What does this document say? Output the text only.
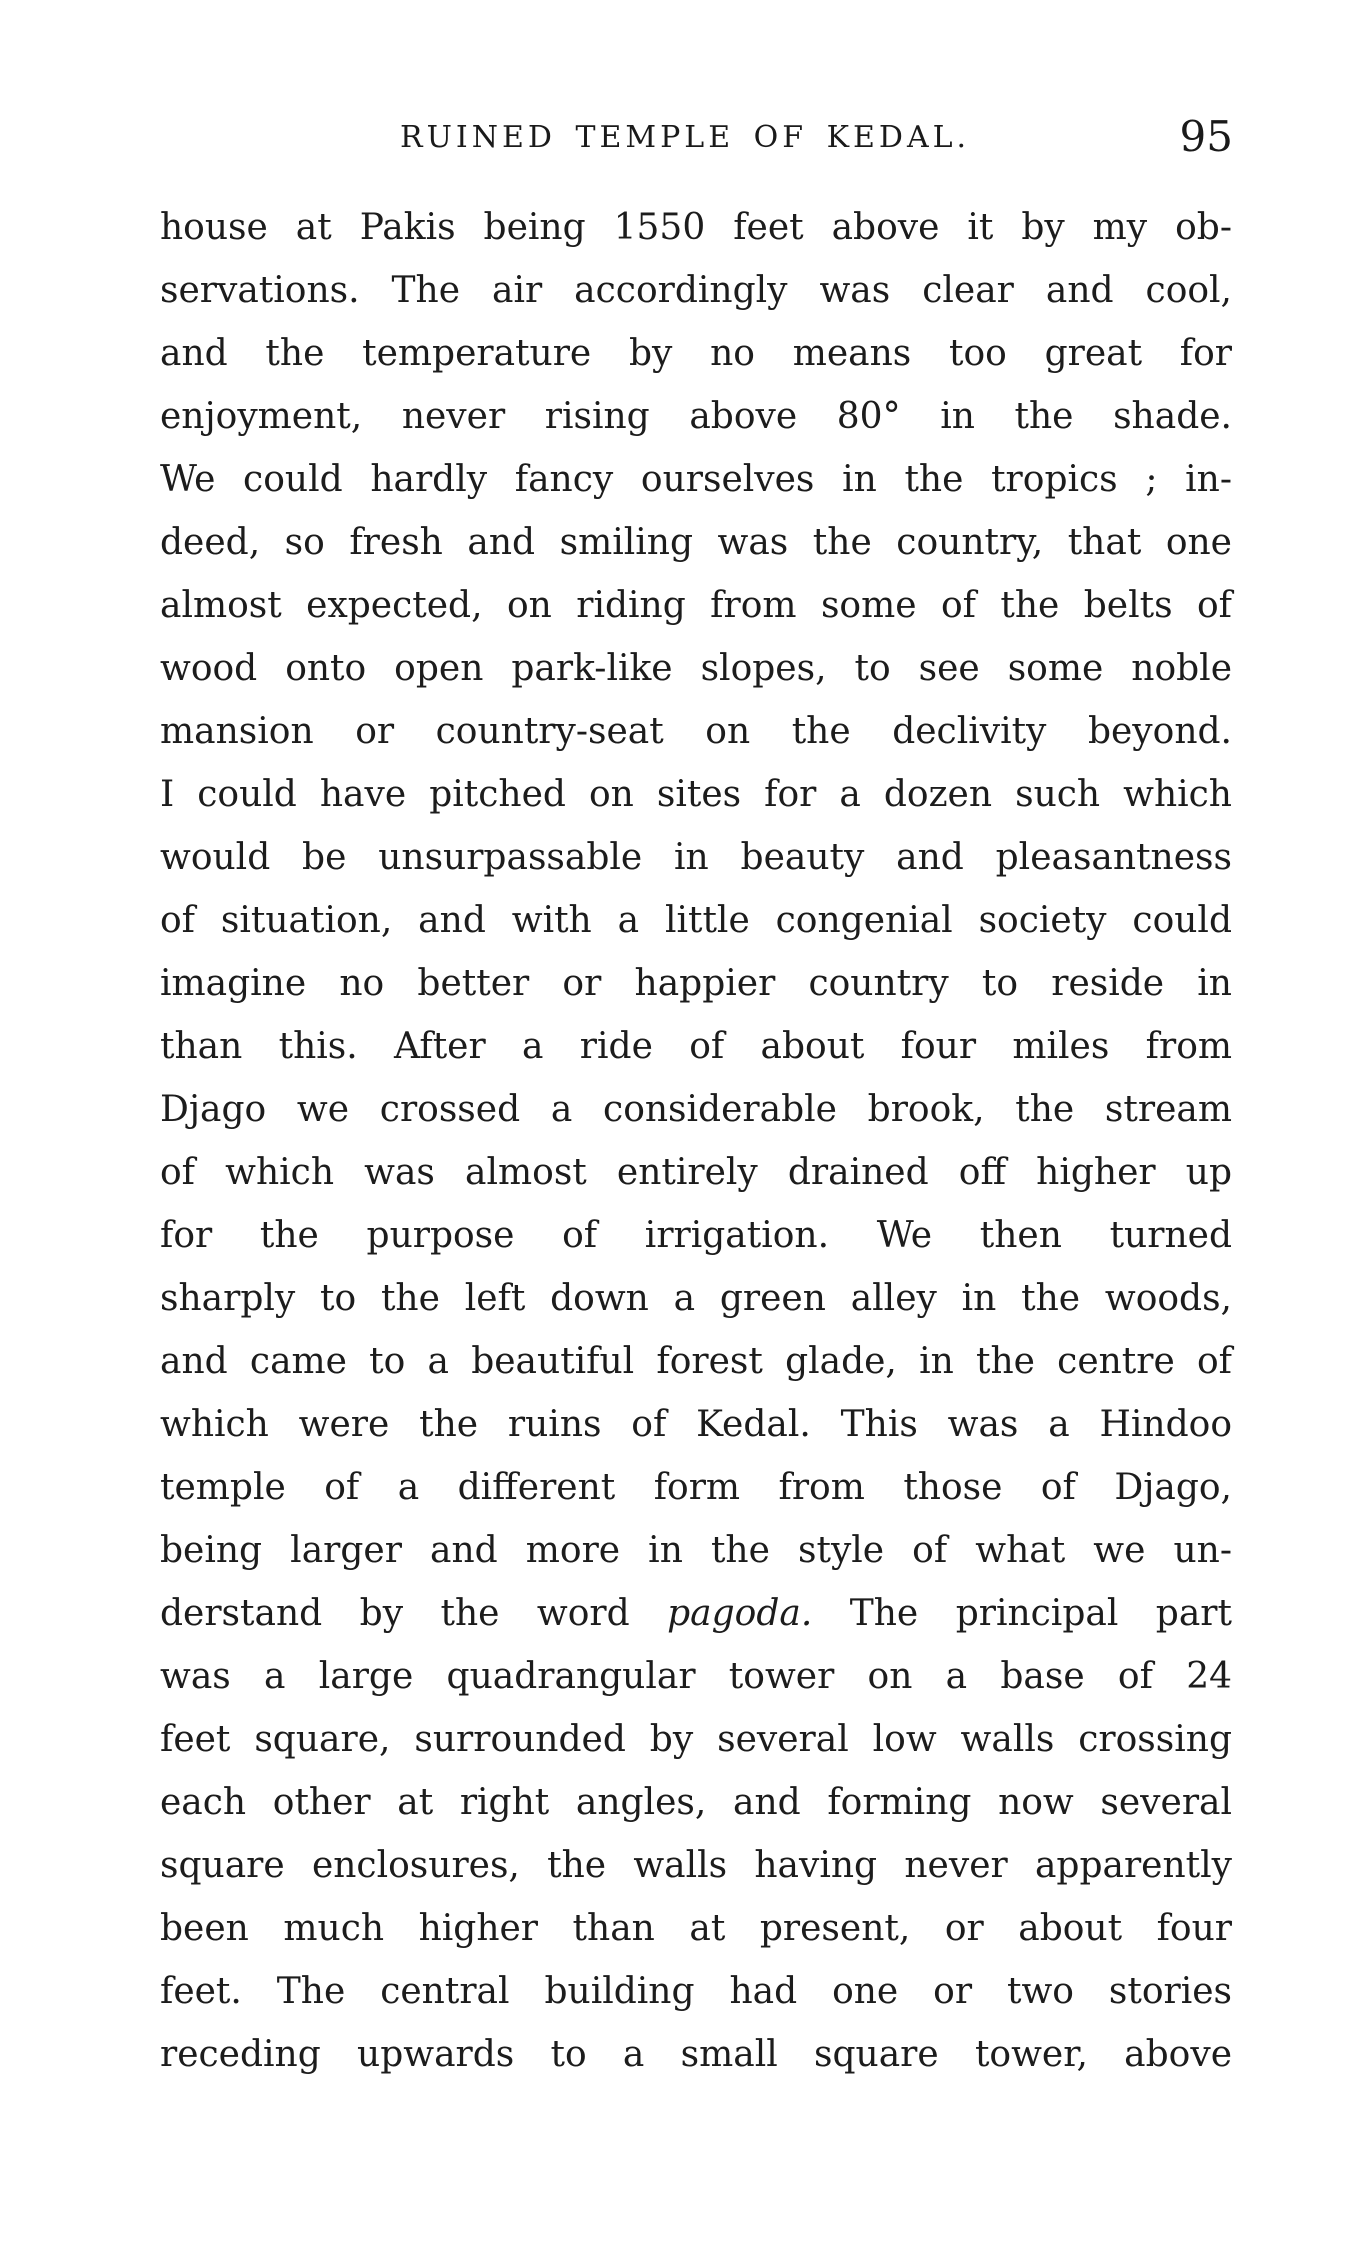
RUINED TEMPLE OF KEDAL.	95
house at Pakis being 1550 feet above it by my ob-
servations. The air accordingly was clear and cool,
and the temperature by no means too great for
enjoyment, never rising above 80° in the shade.
We could hardly fancy ourselves in the tropics ; in-
deed, so fresh and smiling was the country, that one
almost expected, on riding from some of the belts of
wood onto open park-like slopes, to see some noble
mansion or country-seat on the declivity beyond.
I could have pitched on sites for a dozen such which
would be unsurpassable in beauty and pleasantness
of situation, and with a little congenial society could
imagine no better or happier country to reside in
than this. After a ride of about four miles from
Djago we crossed a considerable brook, the stream
of which was almost entirely drained off higher up
for the purpose of irrigation. We then turned
sharply to the left down a green alley in the woods,
and came to a beautiful forest glade, in the centre of
which were the ruins of Kedal. This was a Hindoo
temple of a different form from those of Djago,
being larger and more in the style of what we un-
derstand by the word pagoda. The principal part
was a large quadrangular tower on a base of 24
feet square, surrounded by several low walls crossing
each other at right angles, and forming now several
square enclosures, the walls having never apparently
been much higher than at present, or about four
feet. The central building had one or two stories
receding upwards to a small square tower, above
